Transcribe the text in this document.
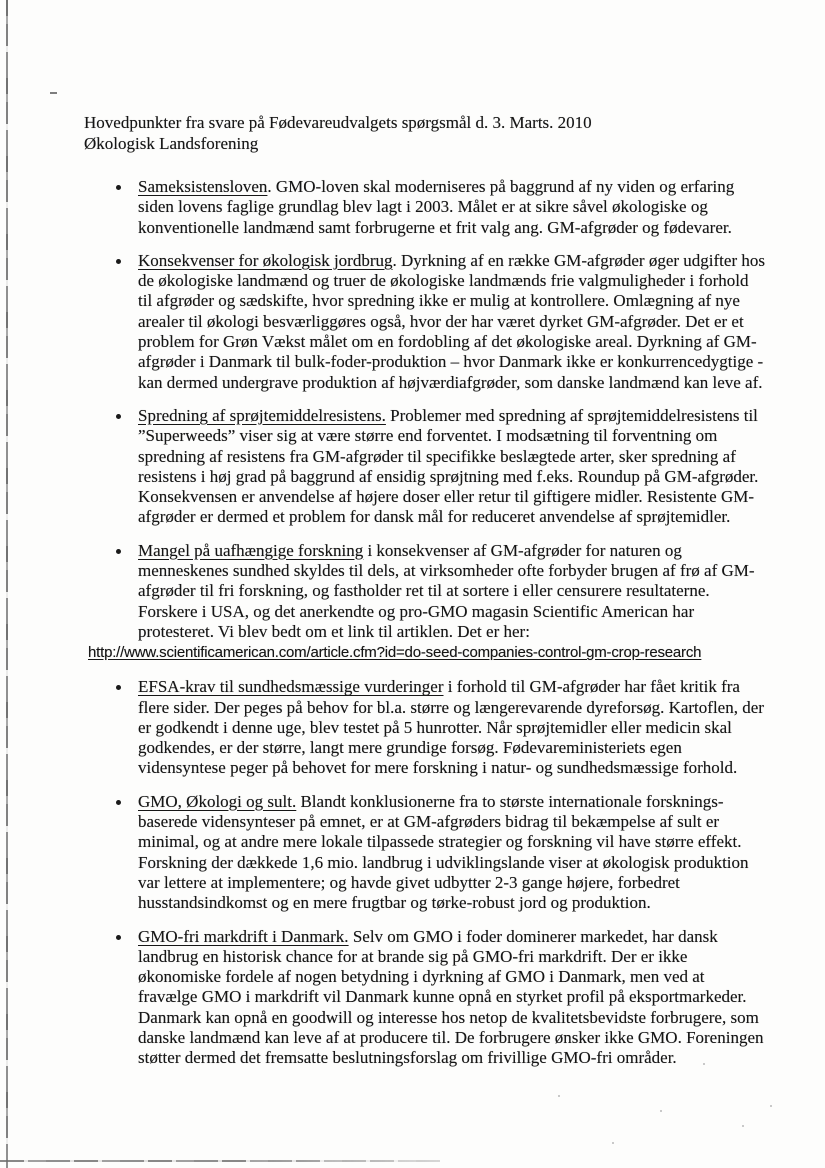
Hovedpunkter fra svare på Fødevareudvalgets spørgsmål d. 3. Marts. 2010
Økologisk Landsforening
Sameksistensloven. GMO-loven skal moderniseres på baggrund af ny viden og erfaring siden lovens faglige grundlag blev lagt i 2003. Målet er at sikre såvel økologiske og konventionelle landmænd samt forbrugerne et frit valg ang. GM-afgrøder og fødevarer.
Konsekvenser for økologisk jordbrug. Dyrkning af en række GM-afgrøder øger udgifter hos de økologiske landmænd og truer de økologiske landmænds frie valgmuligheder i forhold til afgrøder og sædskifte, hvor spredning ikke er mulig at kontrollere. Omlægning af nye arealer til økologi besværliggøres også, hvor der har været dyrket GM-afgrøder. Det er et problem for Grøn Vækst målet om en fordobling af det økologiske areal. Dyrkning af GM-afgrøder i Danmark til bulk-foder-produktion – hvor Danmark ikke er konkurrencedygtige - kan dermed undergrave produktion af højværdiafgrøder, som danske landmænd kan leve af.
Spredning af sprøjtemiddelresistens. Problemer med spredning af sprøjtemiddelresistens til ”Superweeds” viser sig at være større end forventet. I modsætning til forventning om spredning af resistens fra GM-afgrøder til specifikke beslægtede arter, sker spredning af resistens i høj grad på baggrund af ensidig sprøjtning med f.eks. Roundup på GM-afgrøder. Konsekvensen er anvendelse af højere doser eller retur til giftigere midler. Resistente GM-afgrøder er dermed et problem for dansk mål for reduceret anvendelse af sprøjtemidler.
Mangel på uafhængige forskning i konsekvenser af GM-afgrøder for naturen og menneskenes sundhed skyldes til dels, at virksomheder ofte forbyder brugen af frø af GM-afgrøder til fri forskning, og fastholder ret til at sortere i eller censurere resultaterne. Forskere i USA, og det anerkendte og pro-GMO magasin Scientific American har protesteret. Vi blev bedt om et link til artiklen. Det er her:
http://www.scientificamerican.com/article.cfm?id=do-seed-companies-control-gm-crop-research
EFSA-krav til sundhedsmæssige vurderinger i forhold til GM-afgrøder har fået kritik fra flere sider. Der peges på behov for bl.a. større og længerevarende dyreforsøg. Kartoflen, der er godkendt i denne uge, blev testet på 5 hunrotter. Når sprøjtemidler eller medicin skal godkendes, er der større, langt mere grundige forsøg. Fødevareministeriets egen vidensyntese peger på behovet for mere forskning i natur- og sundhedsmæssige forhold.
GMO, Økologi og sult. Blandt konklusionerne fra to største internationale forsknings-baserede vidensynteser på emnet, er at GM-afgrøders bidrag til bekæmpelse af sult er minimal, og at andre mere lokale tilpassede strategier og forskning vil have større effekt. Forskning der dækkede 1,6 mio. landbrug i udviklingslande viser at økologisk produktion var lettere at implementere; og havde givet udbytter 2-3 gange højere, forbedret husstandsindkomst og en mere frugtbar og tørke-robust jord og produktion.
GMO-fri markdrift i Danmark. Selv om GMO i foder dominerer markedet, har dansk landbrug en historisk chance for at brande sig på GMO-fri markdrift. Der er ikke økonomiske fordele af nogen betydning i dyrkning af GMO i Danmark, men ved at fravælge GMO i markdrift vil Danmark kunne opnå en styrket profil på eksportmarkeder. Danmark kan opnå en goodwill og interesse hos netop de kvalitetsbevidste forbrugere, som danske landmænd kan leve af at producere til. De forbrugere ønsker ikke GMO. Foreningen støtter dermed det fremsatte beslutningsforslag om frivillige GMO-fri områder.
